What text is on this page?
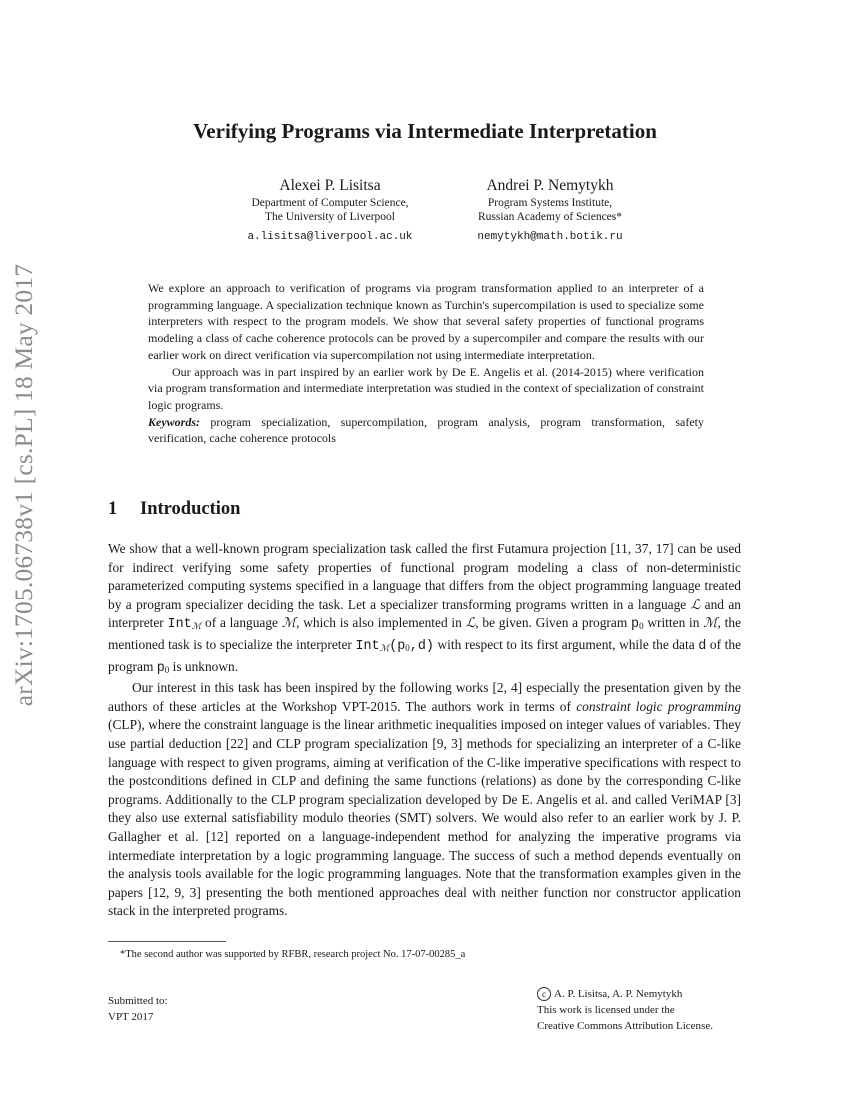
arXiv:1705.06738v1 [cs.PL] 18 May 2017
Verifying Programs via Intermediate Interpretation
Alexei P. Lisitsa
Department of Computer Science,
The University of Liverpool
a.lisitsa@liverpool.ac.uk
Andrei P. Nemytykh
Program Systems Institute,
Russian Academy of Sciences*
nemytykh@math.botik.ru

We explore an approach to verification of programs via program transformation applied to an interpreter of a programming language. A specialization technique known as Turchin's supercompilation is used to specialize some interpreters with respect to the program models. We show that several safety properties of functional programs modeling a class of cache coherence protocols can be proved by a supercompiler and compare the results with our earlier work on direct verification via supercompilation not using intermediate interpretation.

Our approach was in part inspired by an earlier work by De E. Angelis et al. (2014-2015) where verification via program transformation and intermediate interpretation was studied in the context of specialization of constraint logic programs.

Keywords: program specialization, supercompilation, program analysis, program transformation, safety verification, cache coherence protocols

1 Introduction

We show that a well-known program specialization task called the first Futamura projection [11, 37, 17] can be used for indirect verifying some safety properties of functional program modeling a class of non-deterministic parameterized computing systems specified in a language that differs from the object programming language treated by a program specializer deciding the task. Let a specializer transforming programs written in a language ℒ and an interpreter Int$_ℳ$ of a language ℳ, which is also implemented in ℒ, be given. Given a program $p_0$ written in ℳ, the mentioned task is to specialize the interpreter $Int_ℳ(p_0,d)$ with respect to its first argument, while the data d of the program $p_0$ is unknown.

Our interest in this task has been inspired by the following works [2, 4] especially the presentation given by the authors of these articles at the Workshop VPT-2015. The authors work in terms of constraint logic programming (CLP), where the constraint language is the linear arithmetic inequalities imposed on integer values of variables. They use partial deduction [22] and CLP program specialization [9, 3] methods for specializing an interpreter of a C-like language with respect to given programs, aiming at verification of the C-like imperative specifications with respect to the postconditions defined in CLP and defining the same functions (relations) as done by the corresponding C-like programs. Additionally to the CLP program specialization developed by De E. Angelis et al. and called VeriMAP [3] they also use external satisfiability modulo theories (SMT) solvers. We would also refer to an earlier work by J. P. Gallagher et al. [12] reported on a language-independent method for analyzing the imperative programs via intermediate interpretation by a logic programming language. The success of such a method depends eventually on the analysis tools available for the logic programming languages. Note that the transformation examples given in the papers [12, 9, 3] presenting the both mentioned approaches deal with neither function nor constructor application stack in the interpreted programs.

*The second author was supported by RFBR, research project No. 17-07-00285_a
Submitted to:
VPT 2017
c A. P. Lisitsa, A. P. Nemytykh
This work is licensed under the
Creative Commons Attribution License.
